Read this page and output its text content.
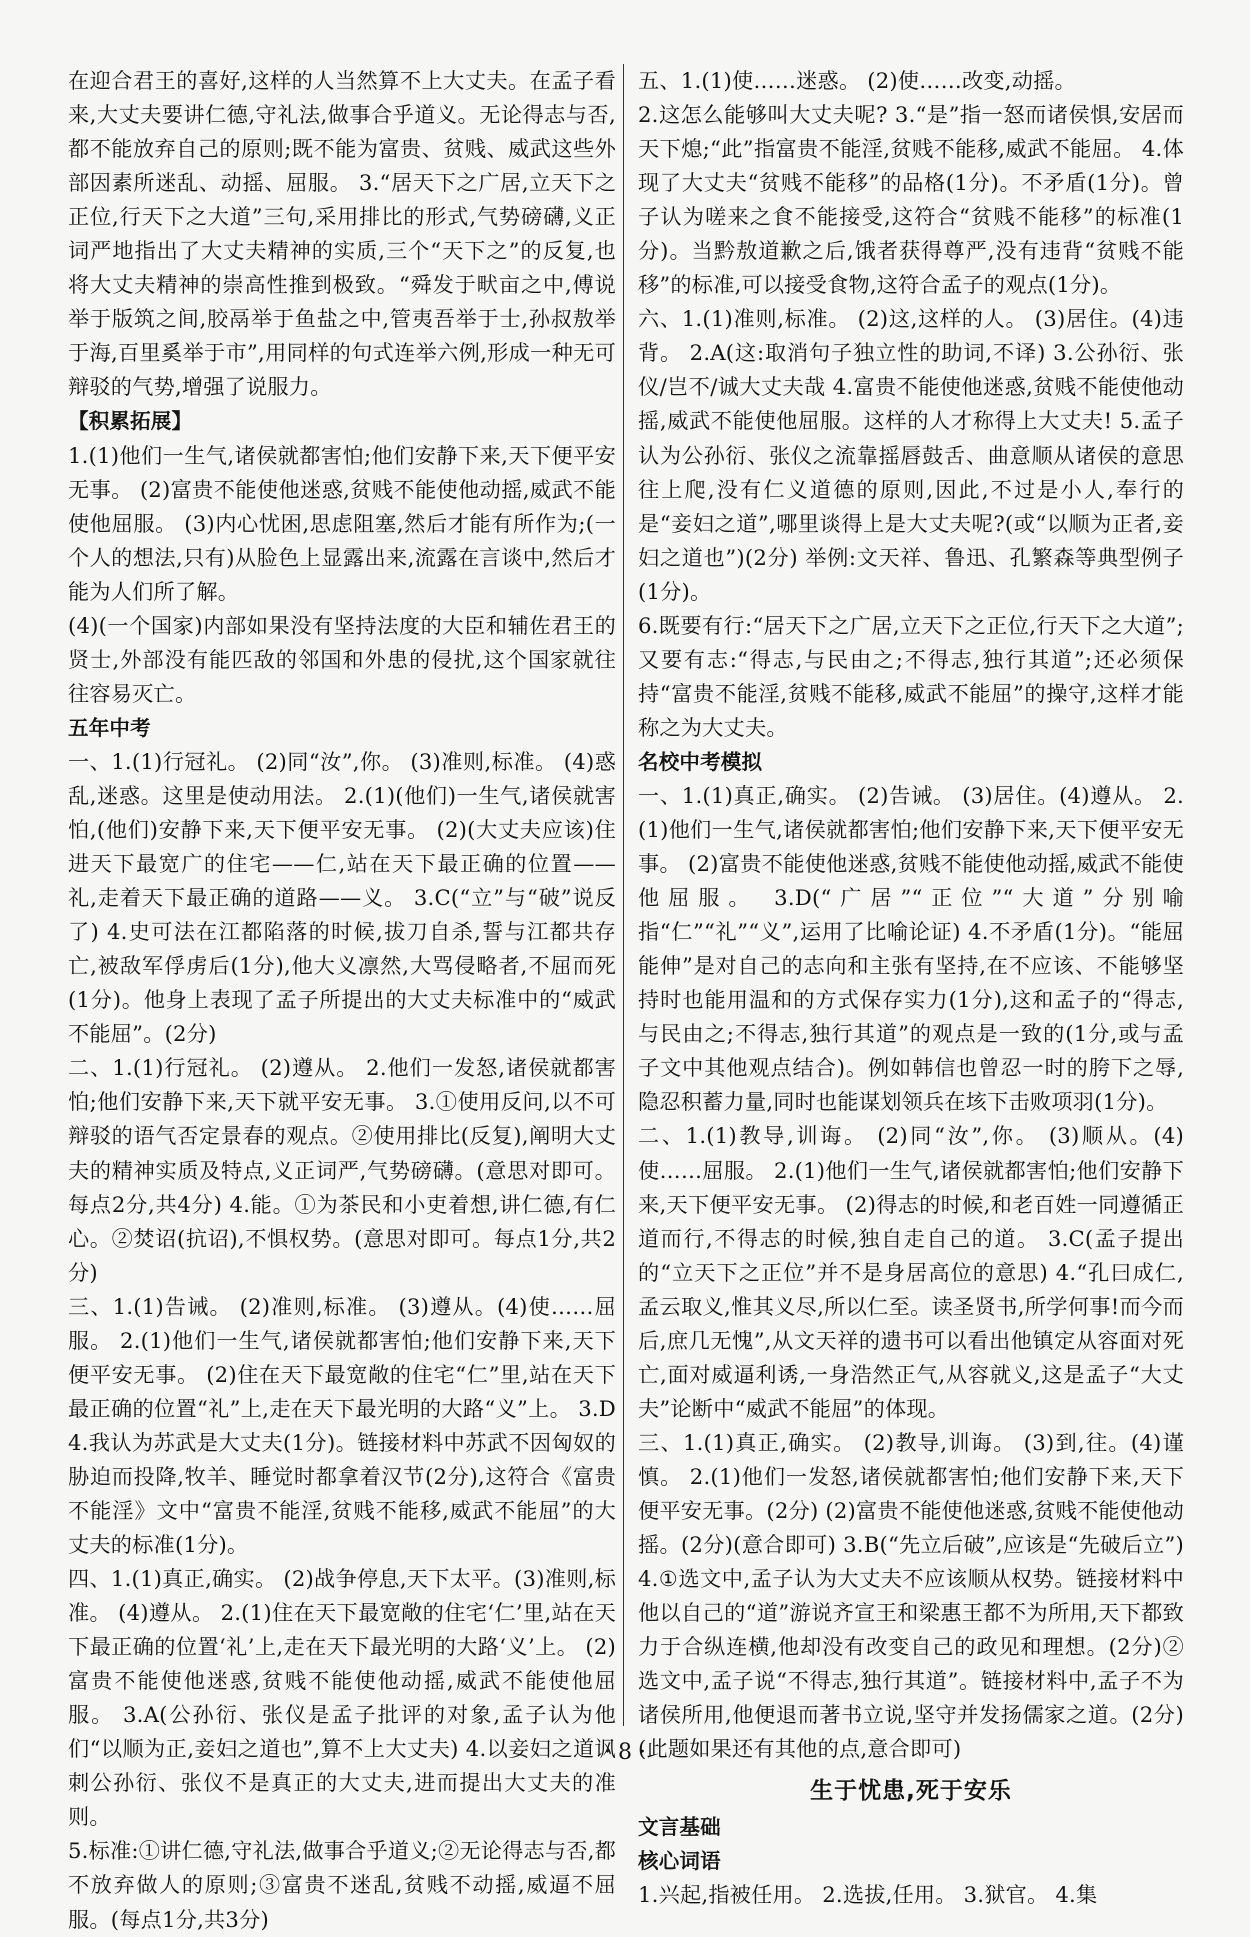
在迎合君王的喜好,这样的人当然算不上大丈夫。在孟子看来,大丈夫要讲仁德,守礼法,做事合乎道义。无论得志与否,都不能放弃自己的原则;既不能为富贵、贫贱、威武这些外部因素所迷乱、动摇、屈服。 3.“居天下之广居,立天下之正位,行天下之大道”三句,采用排比的形式,气势磅礴,义正词严地指出了大丈夫精神的实质,三个“天下之”的反复,也将大丈夫精神的崇高性推到极致。“舜发于畎亩之中,傅说举于版筑之间,胶鬲举于鱼盐之中,管夷吾举于士,孙叔敖举于海,百里奚举于市”,用同样的句式连举六例,形成一种无可辩驳的气势,增强了说服力。

【积累拓展】

1.(1)他们一生气,诸侯就都害怕;他们安静下来,天下便平安无事。 (2)富贵不能使他迷惑,贫贱不能使他动摇,威武不能使他屈服。 (3)内心忧困,思虑阻塞,然后才能有所作为;(一个人的想法,只有)从脸色上显露出来,流露在言谈中,然后才能为人们所了解。

(4)(一个国家)内部如果没有坚持法度的大臣和辅佐君王的贤士,外部没有能匹敌的邻国和外患的侵扰,这个国家就往往容易灭亡。

五年中考

一、1.(1)行冠礼。 (2)同“汝”,你。 (3)准则,标准。 (4)惑乱,迷惑。这里是使动用法。 2.(1)(他们)一生气,诸侯就害怕,(他们)安静下来,天下便平安无事。 (2)(大丈夫应该)住进天下最宽广的住宅——仁,站在天下最正确的位置——礼,走着天下最正确的道路——义。 3.C(“立”与“破”说反了) 4.史可法在江都陷落的时候,拔刀自杀,誓与江都共存亡,被敌军俘虏后(1分),他大义凛然,大骂侵略者,不屈而死(1分)。他身上表现了孟子所提出的大丈夫标准中的“威武不能屈”。(2分)

二、1.(1)行冠礼。 (2)遵从。 2.他们一发怒,诸侯就都害怕;他们安静下来,天下就平安无事。 3.①使用反问,以不可辩驳的语气否定景春的观点。②使用排比(反复),阐明大丈夫的精神实质及特点,义正词严,气势磅礴。(意思对即可。每点2分,共4分) 4.能。①为茶民和小吏着想,讲仁德,有仁心。②焚诏(抗诏),不惧权势。(意思对即可。每点1分,共2分)

三、1.(1)告诫。 (2)准则,标准。 (3)遵从。(4)使……屈服。 2.(1)他们一生气,诸侯就都害怕;他们安静下来,天下便平安无事。 (2)住在天下最宽敞的住宅“仁”里,站在天下最正确的位置“礼”上,走在天下最光明的大路“义”上。 3.D 4.我认为苏武是大丈夫(1分)。链接材料中苏武不因匈奴的胁迫而投降,牧羊、睡觉时都拿着汉节(2分),这符合《富贵不能淫》文中“富贵不能淫,贫贱不能移,威武不能屈”的大丈夫的标准(1分)。

四、1.(1)真正,确实。 (2)战争停息,天下太平。(3)准则,标准。 (4)遵从。 2.(1)住在天下最宽敞的住宅‘仁’里,站在天下最正确的位置‘礼’上,走在天下最光明的大路‘义’上。 (2)富贵不能使他迷惑,贫贱不能使他动摇,威武不能使他屈服。 3.A(公孙衍、张仪是孟子批评的对象,孟子认为他们“以顺为正,妾妇之道也”,算不上大丈夫) 4.以妾妇之道讽刺公孙衍、张仪不是真正的大丈夫,进而提出大丈夫的准则。

5.标准:①讲仁德,守礼法,做事合乎道义;②无论得志与否,都不放弃做人的原则;③富贵不迷乱,贫贱不动摇,威逼不屈服。(每点1分,共3分)

五、1.(1)使……迷惑。 (2)使……改变,动摇。

2.这怎么能够叫大丈夫呢? 3.“是”指一怒而诸侯惧,安居而天下熄;“此”指富贵不能淫,贫贱不能移,威武不能屈。 4.体现了大丈夫“贫贱不能移”的品格(1分)。不矛盾(1分)。曾子认为嗟来之食不能接受,这符合“贫贱不能移”的标准(1分)。当黔敖道歉之后,饿者获得尊严,没有违背“贫贱不能移”的标准,可以接受食物,这符合孟子的观点(1分)。

六、1.(1)准则,标准。 (2)这,这样的人。 (3)居住。(4)违背。 2.A(这:取消句子独立性的助词,不译) 3.公孙衍、张仪/岂不/诚大丈夫哉 4.富贵不能使他迷惑,贫贱不能使他动摇,威武不能使他屈服。这样的人才称得上大丈夫! 5.孟子认为公孙衍、张仪之流靠摇唇鼓舌、曲意顺从诸侯的意思往上爬,没有仁义道德的原则,因此,不过是小人,奉行的是“妾妇之道”,哪里谈得上是大丈夫呢?(或“以顺为正者,妾妇之道也”)(2分) 举例:文天祥、鲁迅、孔繁森等典型例子(1分)。

6.既要有行:“居天下之广居,立天下之正位,行天下之大道”;又要有志:“得志,与民由之;不得志,独行其道”;还必须保持“富贵不能淫,贫贱不能移,威武不能屈”的操守,这样才能称之为大丈夫。

名校中考模拟

一、1.(1)真正,确实。 (2)告诫。 (3)居住。(4)遵从。 2.(1)他们一生气,诸侯就都害怕;他们安静下来,天下便平安无事。 (2)富贵不能使他迷惑,贫贱不能使他动摇,威武不能使他屈服。 3.D(“广居”“正位”“大道”分别喻指“仁”“礼”“义”,运用了比喻论证) 4.不矛盾(1分)。“能屈能伸”是对自己的志向和主张有坚持,在不应该、不能够坚持时也能用温和的方式保存实力(1分),这和孟子的“得志,与民由之;不得志,独行其道”的观点是一致的(1分,或与孟子文中其他观点结合)。例如韩信也曾忍一时的胯下之辱,隐忍积蓄力量,同时也能谋划领兵在垓下击败项羽(1分)。

二、1.(1)教导,训诲。 (2)同“汝”,你。 (3)顺从。(4)使……屈服。 2.(1)他们一生气,诸侯就都害怕;他们安静下来,天下便平安无事。 (2)得志的时候,和老百姓一同遵循正道而行,不得志的时候,独自走自己的道。 3.C(孟子提出的“立天下之正位”并不是身居高位的意思) 4.“孔曰成仁,孟云取义,惟其义尽,所以仁至。读圣贤书,所学何事!而今而后,庶几无愧”,从文天祥的遗书可以看出他镇定从容面对死亡,面对威逼利诱,一身浩然正气,从容就义,这是孟子“大丈夫”论断中“威武不能屈”的体现。

三、1.(1)真正,确实。 (2)教导,训诲。 (3)到,往。(4)谨慎。 2.(1)他们一发怒,诸侯就都害怕;他们安静下来,天下便平安无事。(2分) (2)富贵不能使他迷惑,贫贱不能使他动摇。(2分)(意合即可) 3.B(“先立后破”,应该是“先破后立”) 4.①选文中,孟子认为大丈夫不应该顺从权势。链接材料中他以自己的“道”游说齐宣王和梁惠王都不为所用,天下都致力于合纵连横,他却没有改变自己的政见和理想。(2分)②选文中,孟子说“不得志,独行其道”。链接材料中,孟子不为诸侯所用,他便退而著书立说,坚守并发扬儒家之道。(2分)(此题如果还有其他的点,意合即可)

生于忧患,死于安乐

文言基础

核心词语

1.兴起,指被任用。 2.选拔,任用。 3.狱官。 4.集

· 8 ·
